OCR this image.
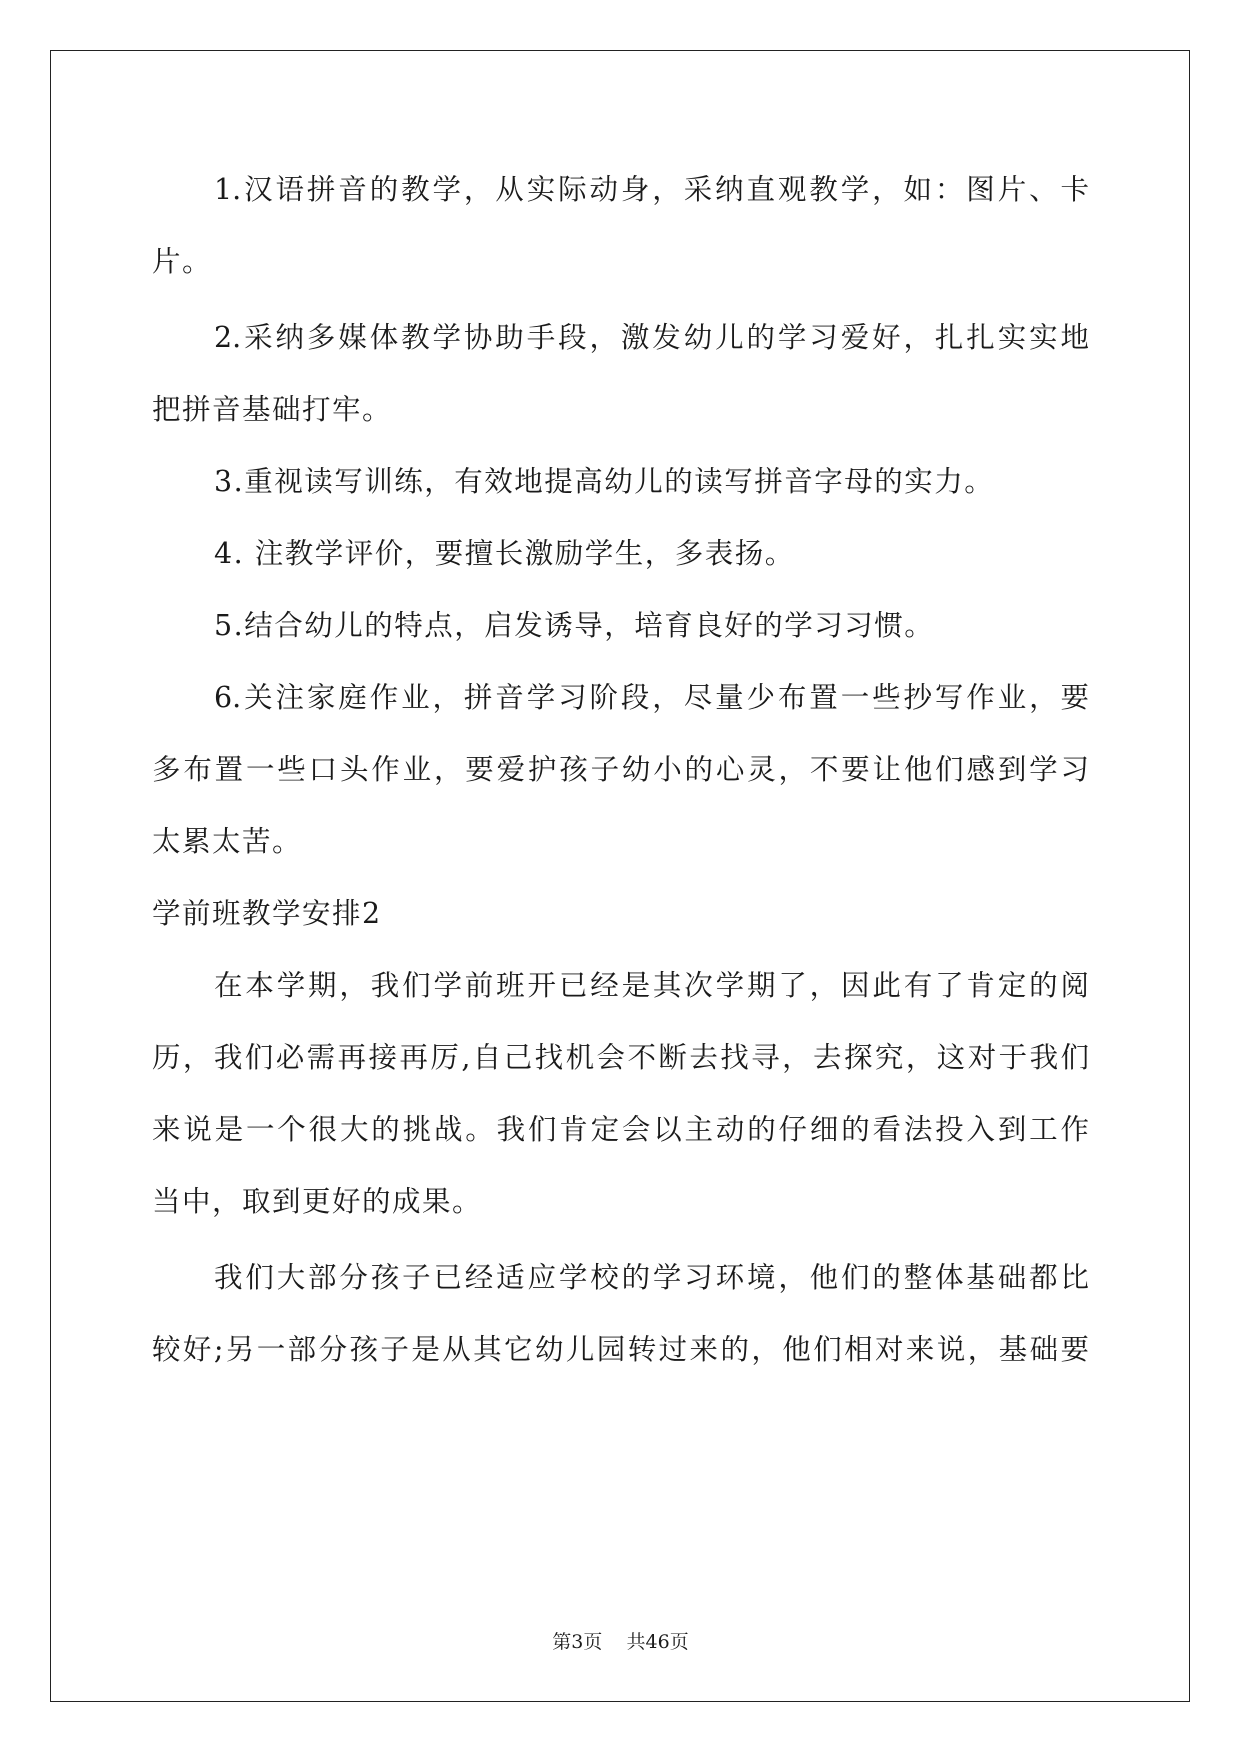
1.汉语拼音的教学，从实际动身，采纳直观教学，如：图片、卡
片。
2.采纳多媒体教学协助手段，激发幼儿的学习爱好，扎扎实实地
把拼音基础打牢。
3.重视读写训练，有效地提高幼儿的读写拼音字母的实力。
4. 注教学评价，要擅长激励学生，多表扬。
5.结合幼儿的特点，启发诱导，培育良好的学习习惯。
6.关注家庭作业，拼音学习阶段，尽量少布置一些抄写作业，要
多布置一些口头作业，要爱护孩子幼小的心灵，不要让他们感到学习
太累太苦。
学前班教学安排2
在本学期，我们学前班开已经是其次学期了，因此有了肯定的阅
历，我们必需再接再厉,自己找机会不断去找寻，去探究，这对于我们
来说是一个很大的挑战。我们肯定会以主动的仔细的看法投入到工作
当中，取到更好的成果。
我们大部分孩子已经适应学校的学习环境，他们的整体基础都比
较好;另一部分孩子是从其它幼儿园转过来的，他们相对来说，基础要
第3页    共46页
